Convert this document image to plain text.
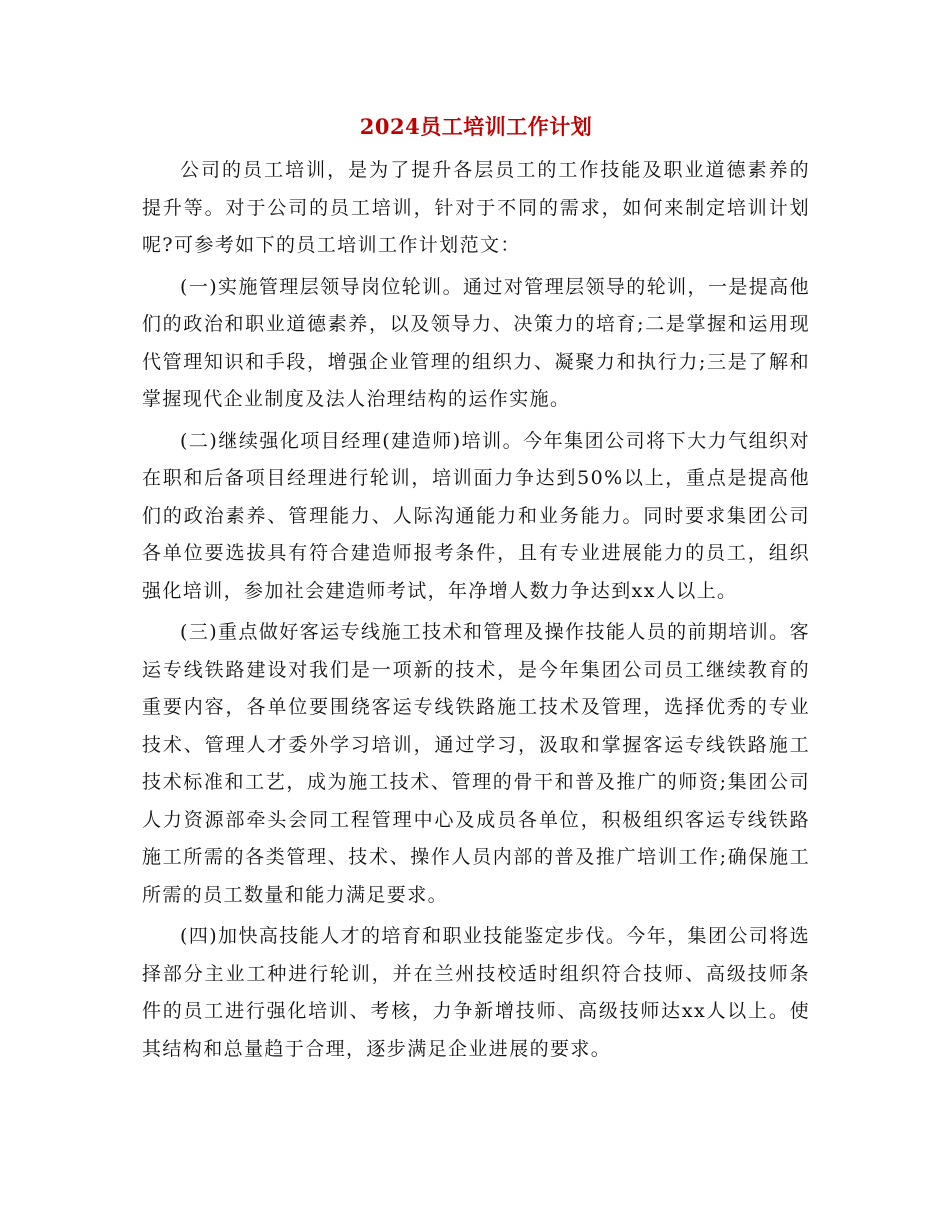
2024员工培训工作计划

公司的员工培训，是为了提升各层员工的工作技能及职业道德素养的提升等。对于公司的员工培训，针对于不同的需求，如何来制定培训计划呢?可参考如下的员工培训工作计划范文：

(一)实施管理层领导岗位轮训。通过对管理层领导的轮训，一是提高他们的政治和职业道德素养，以及领导力、决策力的培育;二是掌握和运用现代管理知识和手段，增强企业管理的组织力、凝聚力和执行力;三是了解和掌握现代企业制度及法人治理结构的运作实施。

(二)继续强化项目经理(建造师)培训。今年集团公司将下大力气组织对在职和后备项目经理进行轮训，培训面力争达到50%以上，重点是提高他们的政治素养、管理能力、人际沟通能力和业务能力。同时要求集团公司各单位要选拔具有符合建造师报考条件，且有专业进展能力的员工，组织强化培训，参加社会建造师考试，年净增人数力争达到xx人以上。

(三)重点做好客运专线施工技术和管理及操作技能人员的前期培训。客运专线铁路建设对我们是一项新的技术，是今年集团公司员工继续教育的重要内容，各单位要围绕客运专线铁路施工技术及管理，选择优秀的专业技术、管理人才委外学习培训，通过学习，汲取和掌握客运专线铁路施工技术标准和工艺，成为施工技术、管理的骨干和普及推广的师资;集团公司人力资源部牵头会同工程管理中心及成员各单位，积极组织客运专线铁路施工所需的各类管理、技术、操作人员内部的普及推广培训工作;确保施工所需的员工数量和能力满足要求。

(四)加快高技能人才的培育和职业技能鉴定步伐。今年，集团公司将选择部分主业工种进行轮训，并在兰州技校适时组织符合技师、高级技师条件的员工进行强化培训、考核，力争新增技师、高级技师达xx人以上。使其结构和总量趋于合理，逐步满足企业进展的要求。
